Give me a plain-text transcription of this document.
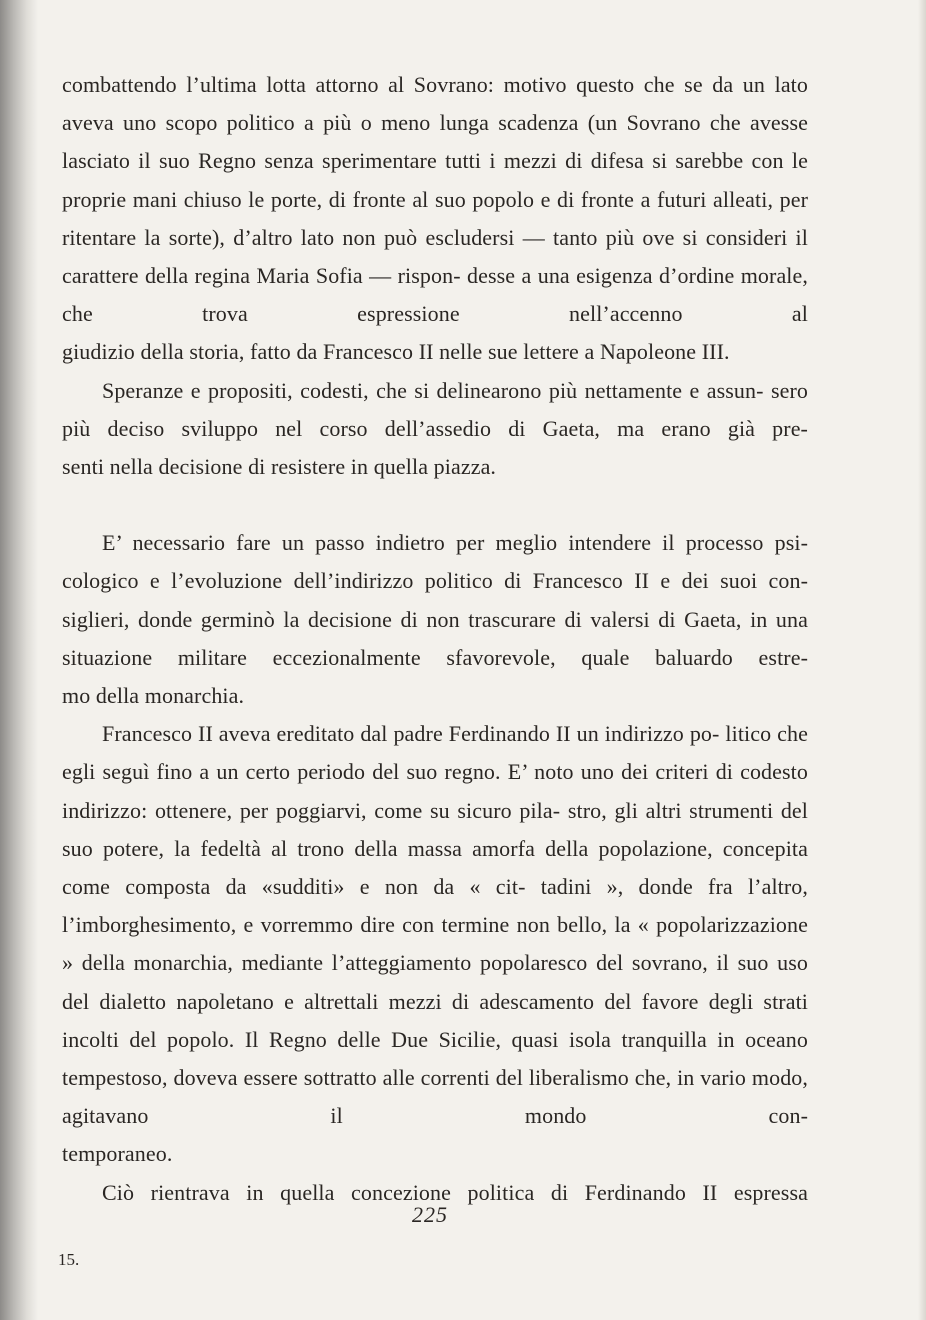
combattendo l’ultima lotta attorno al Sovrano: motivo questo che se da un lato aveva uno scopo politico a più o meno lunga scadenza (un Sovrano che avesse lasciato il suo Regno senza sperimentare tutti i mezzi di difesa si sarebbe con le proprie mani chiuso le porte, di fronte al suo popolo e di fronte a futuri alleati, per ritentare la sorte), d’altro lato non può escludersi — tanto più ove si consideri il carattere della regina Maria Sofia — rispon- desse a una esigenza d’ordine morale, che trova espressione nell’accenno al

giudizio della storia, fatto da Francesco II nelle sue lettere a Napoleone III.

Speranze e propositi, codesti, che si delinearono più nettamente e assun- sero più deciso sviluppo nel corso dell’assedio di Gaeta, ma erano già pre-

senti nella decisione di resistere in quella piazza.

E’ necessario fare un passo indietro per meglio intendere il processo psi- cologico e l’evoluzione dell’indirizzo politico di Francesco II e dei suoi con- siglieri, donde germinò la decisione di non trascurare di valersi di Gaeta, in una situazione militare eccezionalmente sfavorevole, quale baluardo estre-

mo della monarchia.

Francesco II aveva ereditato dal padre Ferdinando II un indirizzo po- litico che egli seguì fino a un certo periodo del suo regno. E’ noto uno dei criteri di codesto indirizzo: ottenere, per poggiarvi, come su sicuro pila- stro, gli altri strumenti del suo potere, la fedeltà al trono della massa amorfa della popolazione, concepita come composta da «sudditi» e non da « cit- tadini », donde fra l’altro, l’imborghesimento, e vorremmo dire con termine non bello, la « popolarizzazione » della monarchia, mediante l’atteggiamento popolaresco del sovrano, il suo uso del dialetto napoletano e altrettali mezzi di adescamento del favore degli strati incolti del popolo. Il Regno delle Due Sicilie, quasi isola tranquilla in oceano tempestoso, doveva essere sottratto alle correnti del liberalismo che, in vario modo, agitavano il mondo con-

temporaneo.

Ciò rientrava in quella concezione politica di Ferdinando II espressa

225
15.
